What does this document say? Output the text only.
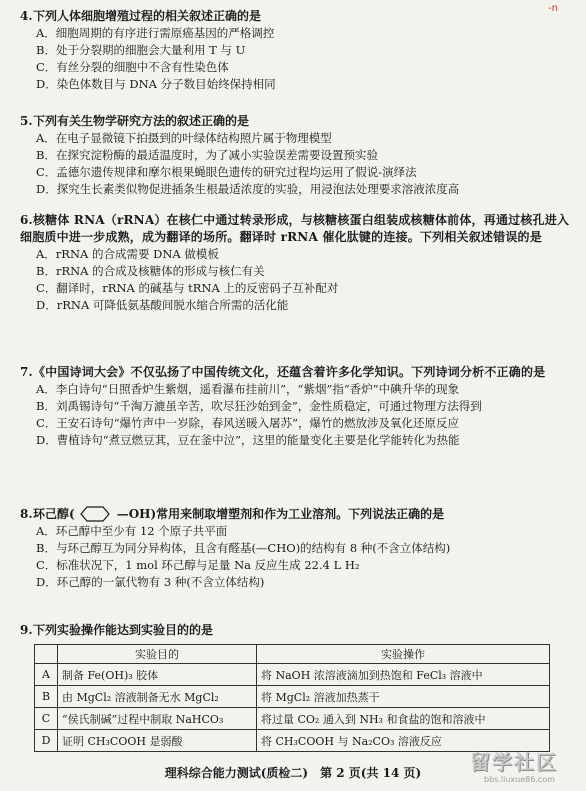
-n
4.下列人体细胞增殖过程的相关叙述正确的是
A．细胞周期的有序进行需原癌基因的严格调控
B．处于分裂期的细胞会大量利用 T 与 U
C．有丝分裂的细胞中不含有性染色体
D．染色体数目与 DNA 分子数目始终保持相同
5.下列有关生物学研究方法的叙述正确的是
A．在电子显微镜下拍摄到的叶绿体结构照片属于物理模型
B．在探究淀粉酶的最适温度时，为了减小实验误差需要设置预实验
C．孟德尔遗传规律和摩尔根果蝇眼色遗传的研究过程均运用了假说-演绎法
D．探究生长素类似物促进插条生根最适浓度的实验，用浸泡法处理要求溶液浓度高
6.核糖体 RNA（rRNA）在核仁中通过转录形成，与核糖核蛋白组装成核糖体前体，再通过核孔进入细胞质中进一步成熟，成为翻译的场所。翻译时 rRNA 催化肽键的连接。下列相关叙述错误的是
A．rRNA 的合成需要 DNA 做模板
B．rRNA 的合成及核糖体的形成与核仁有关
C．翻译时，rRNA 的碱基与 tRNA 上的反密码子互补配对
D．rRNA 可降低氨基酸间脱水缩合所需的活化能
7.《中国诗词大会》不仅弘扬了中国传统文化，还蕴含着许多化学知识。下列诗词分析不正确的是
A．李白诗句“日照香炉生紫烟，遥看瀑布挂前川”，“紫烟”指“香炉”中碘升华的现象
B．刘禹锡诗句“千淘万漉虽辛苦，吹尽狂沙始到金”，金性质稳定，可通过物理方法得到
C．王安石诗句“爆竹声中一岁除，春风送暖入屠苏”，爆竹的燃放涉及氧化还原反应
D．曹植诗句“煮豆燃豆萁，豆在釜中泣”，这里的能量变化主要是化学能转化为热能
8.环己醇(	—OH)常用来制取增塑剂和作为工业溶剂。下列说法正确的是
A．环己醇中至少有 12 个原子共平面
B．与环己醇互为同分异构体，且含有醛基(—CHO)的结构有 8 种(不含立体结构)
C．标准状况下，1 mol 环己醇与足量 Na 反应生成 22.4 L H₂
D．环己醇的一氯代物有 3 种(不含立体结构)
9.下列实验操作能达到实验目的的是
	实验目的	实验操作
A	制备 Fe(OH)₃ 胶体	将 NaOH 浓溶液滴加到热饱和 FeCl₃ 溶液中
B	由 MgCl₂ 溶液制备无水 MgCl₂	将 MgCl₂ 溶液加热蒸干
C	“侯氏制碱”过程中制取 NaHCO₃	将过量 CO₂ 通入到 NH₃ 和食盐的饱和溶液中
D	证明 CH₃COOH 是弱酸	将 CH₃COOH 与 Na₂CO₃ 溶液反应
理科综合能力测试(质检二)　第 2 页(共 14 页)	留学社区
bbs.liuxue86.com
